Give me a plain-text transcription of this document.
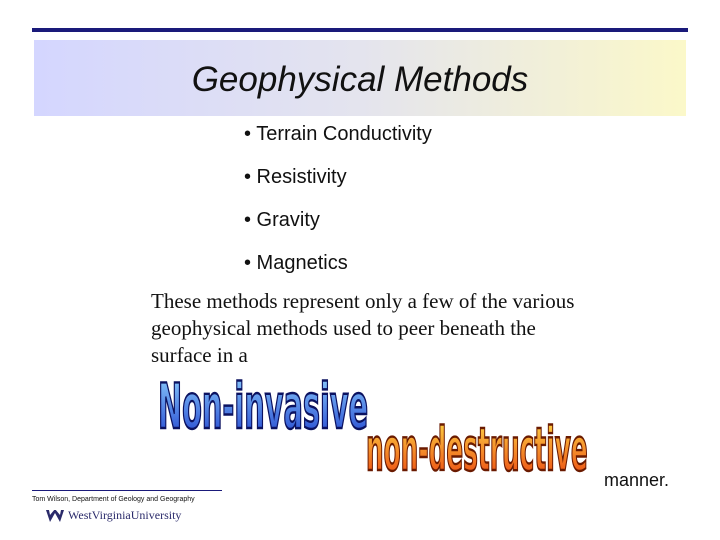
Geophysical Methods
• Terrain Conductivity
• Resistivity
• Gravity
• Magnetics

These methods represent only a few of the various geophysical methods used to peer beneath the surface in a

Non-invasive
non-destructive manner.
Tom Wilson, Department of Geology and Geography
WestVirginiaUniversity
